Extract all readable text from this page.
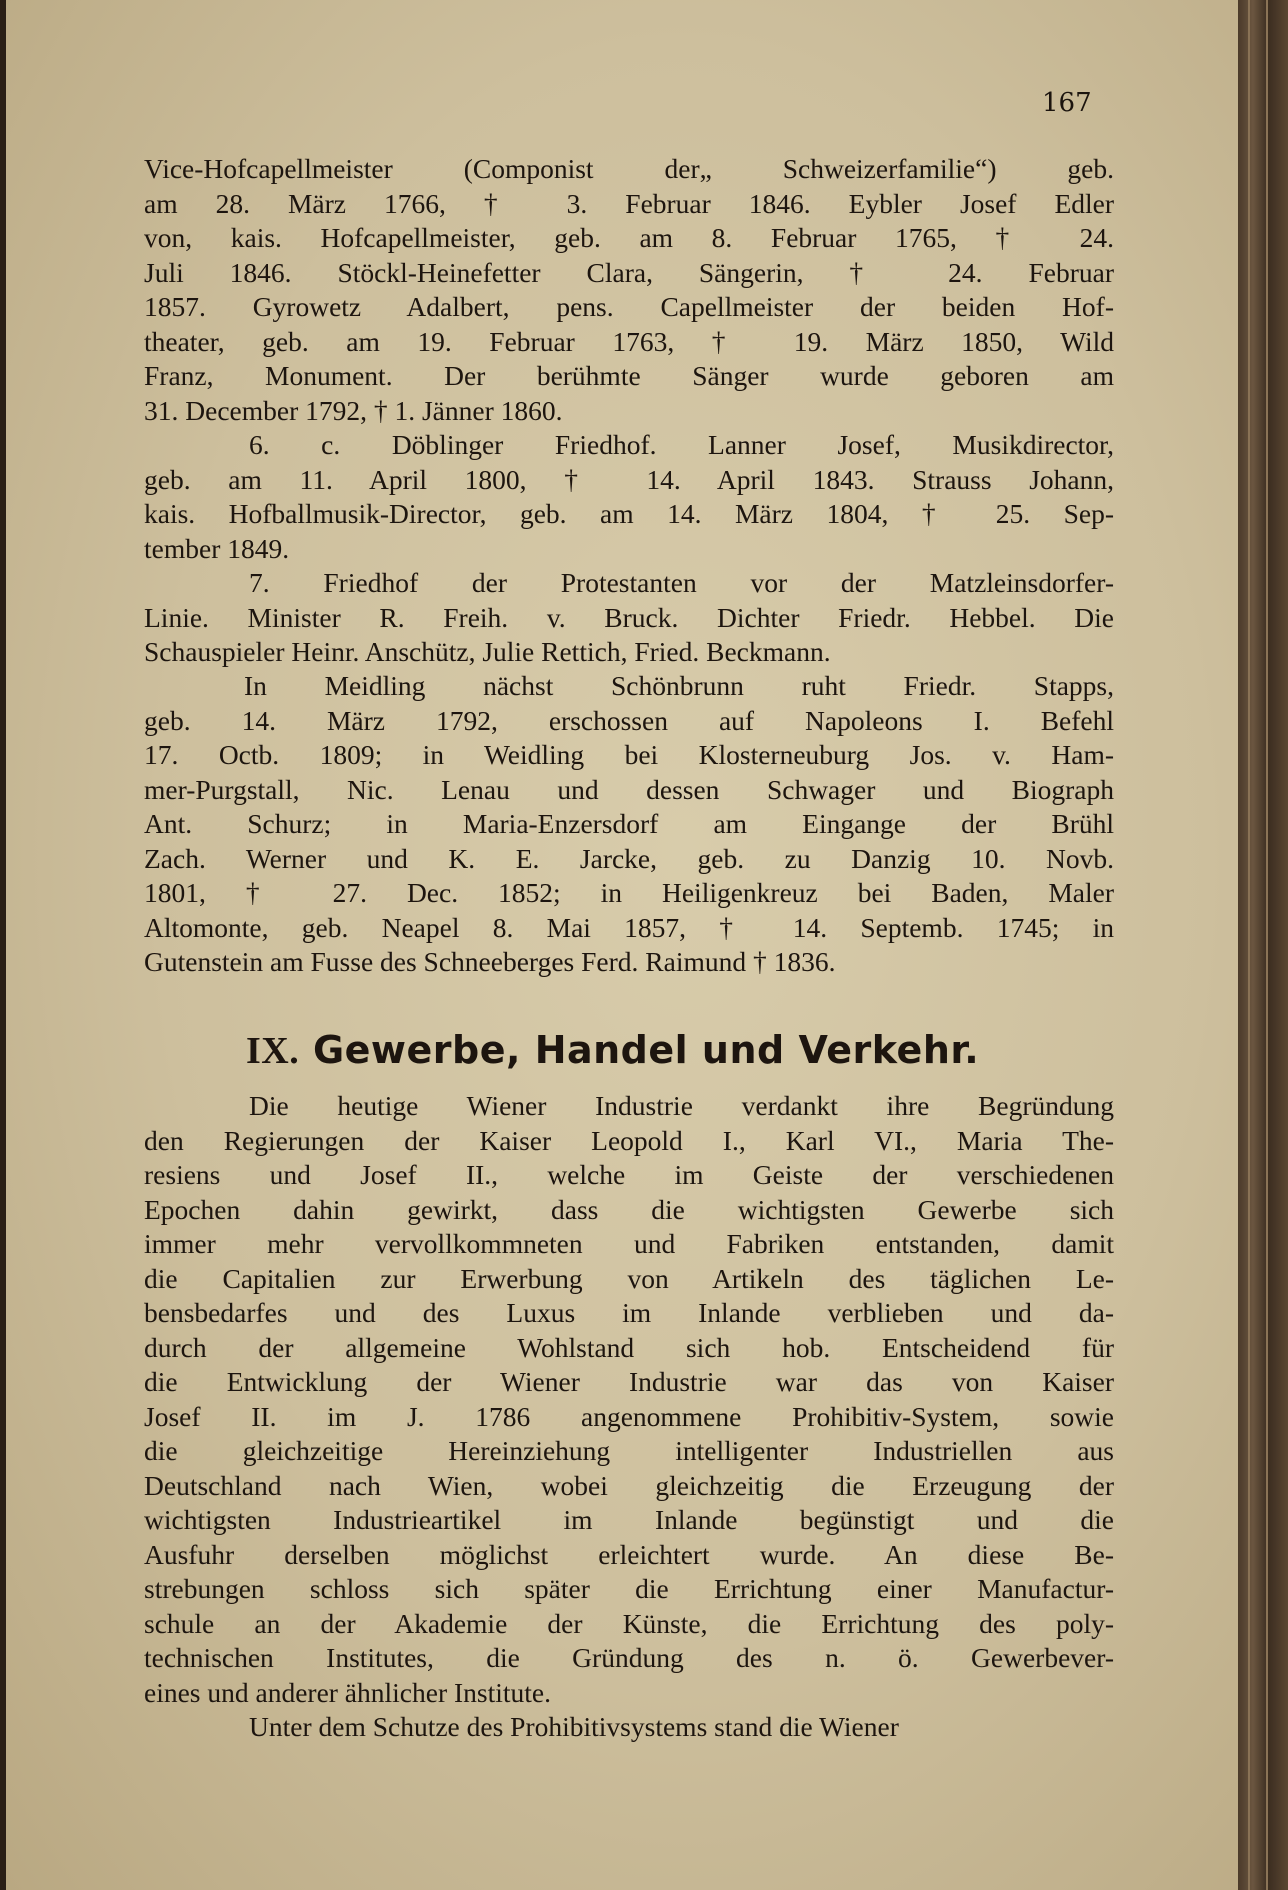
167

Vice-Hofcapellmeister (Componist der„ Schweizerfamilie“) geb.

am 28. März 1766, † 3. Februar 1846. Eybler Josef Edler

von, kais. Hofcapellmeister, geb. am 8. Februar 1765, † 24.

Juli 1846. Stöckl-Heinefetter Clara, Sängerin, † 24. Februar

1857. Gyrowetz Adalbert, pens. Capellmeister der beiden Hof-

theater, geb. am 19. Februar 1763, † 19. März 1850, Wild

Franz, Monument. Der berühmte Sänger wurde geboren am

31. December 1792, † 1. Jänner 1860.

6. c. Döblinger Friedhof. Lanner Josef, Musikdirector,

geb. am 11. April 1800, † 14. April 1843. Strauss Johann,

kais. Hofballmusik-Director, geb. am 14. März 1804, † 25. Sep-

tember 1849.

7. Friedhof der Protestanten vor der Matzleinsdorfer-

Linie. Minister R. Freih. v. Bruck. Dichter Friedr. Hebbel. Die

Schauspieler Heinr. Anschütz, Julie Rettich, Fried. Beckmann.

In Meidling nächst Schönbrunn ruht Friedr. Stapps,

geb. 14. März 1792, erschossen auf Napoleons I. Befehl

17. Octb. 1809; in Weidling bei Klosterneuburg Jos. v. Ham-

mer-Purgstall, Nic. Lenau und dessen Schwager und Biograph

Ant. Schurz; in Maria-Enzersdorf am Eingange der Brühl

Zach. Werner und K. E. Jarcke, geb. zu Danzig 10. Novb.

1801, † 27. Dec. 1852; in Heiligenkreuz bei Baden, Maler

Altomonte, geb. Neapel 8. Mai 1857, † 14. Septemb. 1745; in

Gutenstein am Fusse des Schneeberges Ferd. Raimund † 1836.

IX. Gewerbe, Handel und Verkehr.

Die heutige Wiener Industrie verdankt ihre Begründung

den Regierungen der Kaiser Leopold I., Karl VI., Maria The-

resiens und Josef II., welche im Geiste der verschiedenen

Epochen dahin gewirkt, dass die wichtigsten Gewerbe sich

immer mehr vervollkommneten und Fabriken entstanden, damit

die Capitalien zur Erwerbung von Artikeln des täglichen Le-

bensbedarfes und des Luxus im Inlande verblieben und da-

durch der allgemeine Wohlstand sich hob. Entscheidend für

die Entwicklung der Wiener Industrie war das von Kaiser

Josef II. im J. 1786 angenommene Prohibitiv-System, sowie

die gleichzeitige Hereinziehung intelligenter Industriellen aus

Deutschland nach Wien, wobei gleichzeitig die Erzeugung der

wichtigsten Industrieartikel im Inlande begünstigt und die

Ausfuhr derselben möglichst erleichtert wurde. An diese Be-

strebungen schloss sich später die Errichtung einer Manufactur-

schule an der Akademie der Künste, die Errichtung des poly-

technischen Institutes, die Gründung des n. ö. Gewerbever-

eines und anderer ähnlicher Institute.

Unter dem Schutze des Prohibitivsystems stand die Wiener
